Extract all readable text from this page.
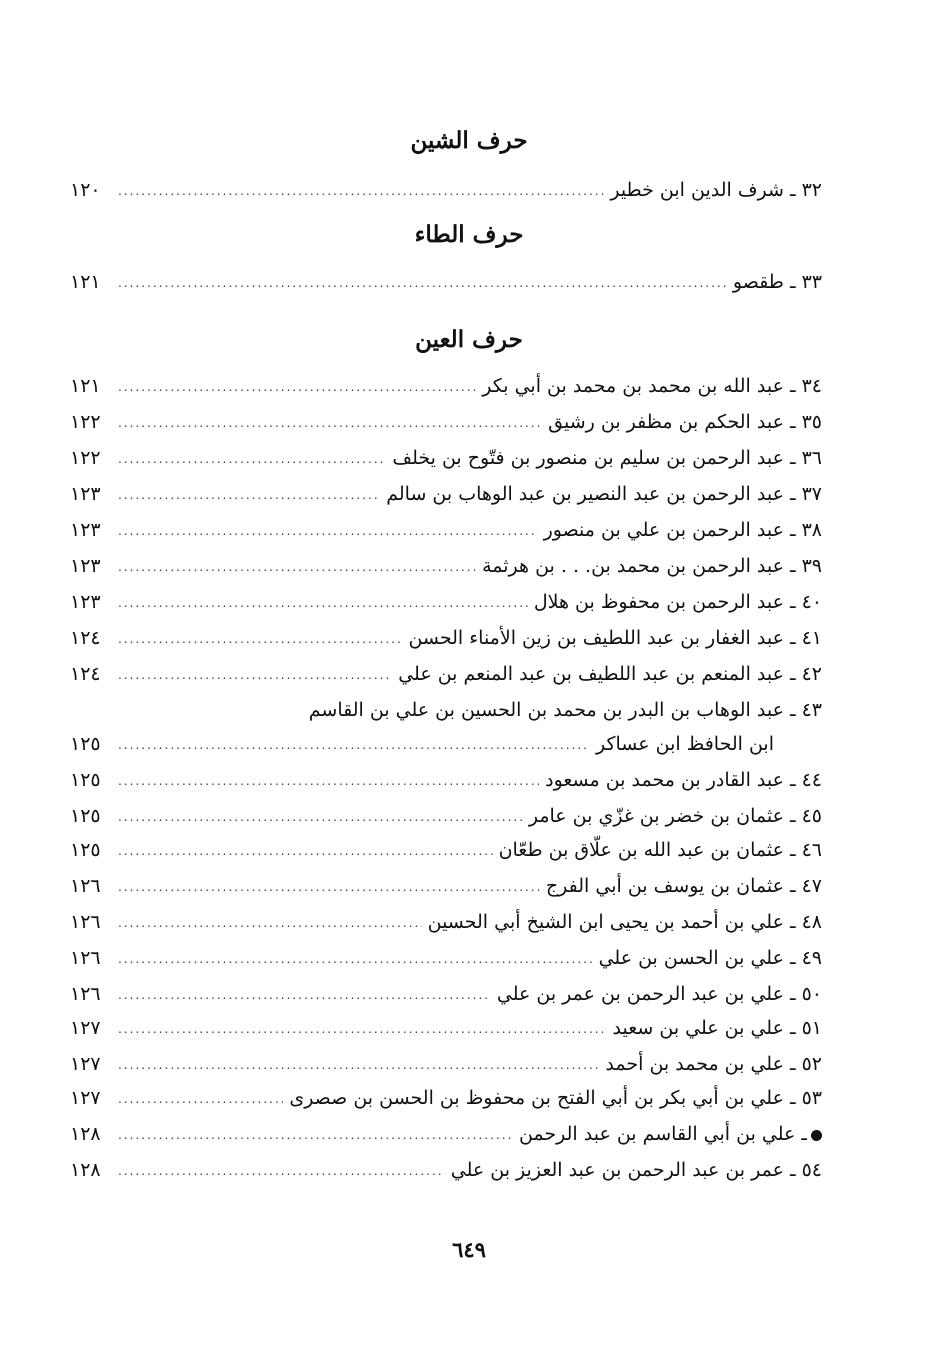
حرف الشين
٣٢ ـ شرف الدين ابن خطير
.....
١٢٠
حرف الطاء
٣٣ ـ طقصو
.....
١٢١
حرف العين
٣٤ ـ عبد الله بن محمد بن محمد بن أبي بكر
.....
١٢١
٣٥ ـ عبد الحكم بن مظفر بن رشيق
.....
١٢٢
٣٦ ـ عبد الرحمن بن سليم بن منصور بن فتّوح بن يخلف
.....
١٢٢
٣٧ ـ عبد الرحمن بن عبد النصير بن عبد الوهاب بن سالم
.....
١٢٣
٣٨ ـ عبد الرحمن بن علي بن منصور
.....
١٢٣
٣٩ ـ عبد الرحمن بن محمد بن. . . بن هرثمة
.....
١٢٣
٤٠ ـ عبد الرحمن بن محفوظ بن هلال
.....
١٢٣
٤١ ـ عبد الغفار بن عبد اللطيف بن زين الأمناء الحسن
.....
١٢٤
٤٢ ـ عبد المنعم بن عبد اللطيف بن عبد المنعم بن علي
.....
١٢٤
٤٣ ـ عبد الوهاب بن البدر بن محمد بن الحسين بن علي بن القاسم
ابن الحافظ ابن عساكر
.....
١٢٥
٤٤ ـ عبد القادر بن محمد بن مسعود
.....
١٢٥
٤٥ ـ عثمان بن خضر بن غزّي بن عامر
.....
١٢٥
٤٦ ـ عثمان بن عبد الله بن علّاق بن طعّان
.....
١٢٥
٤٧ ـ عثمان بن يوسف بن أبي الفرج
.....
١٢٦
٤٨ ـ علي بن أحمد بن يحيى ابن الشيخ أبي الحسين
.....
١٢٦
٤٩ ـ علي بن الحسن بن علي
.....
١٢٦
٥٠ ـ علي بن عبد الرحمن بن عمر بن علي
.....
١٢٦
٥١ ـ علي بن علي بن سعيد
.....
١٢٧
٥٢ ـ علي بن محمد بن أحمد
.....
١٢٧
٥٣ ـ علي بن أبي بكر بن أبي الفتح بن محفوظ بن الحسن بن صصرى
.....
١٢٧
ـ علي بن أبي القاسم بن عبد الرحمن
.....
١٢٨
٥٤ ـ عمر بن عبد الرحمن بن عبد العزيز بن علي
.....
١٢٨
٦٤٩
